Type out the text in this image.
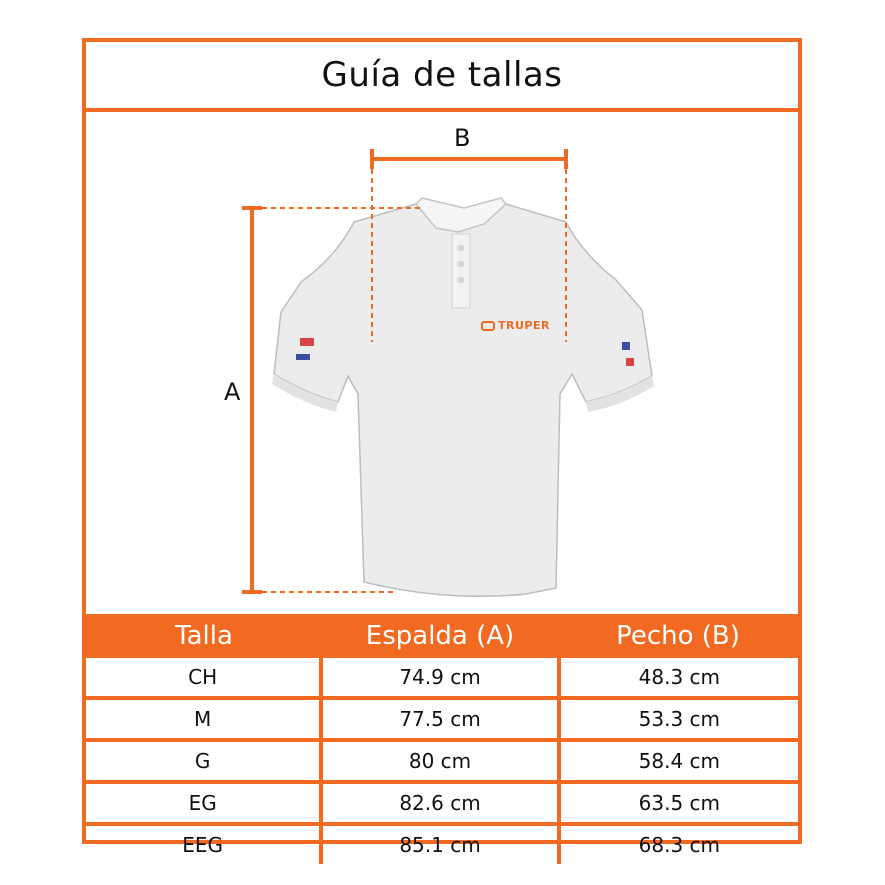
Guía de tallas
B
A
TRUPER
Talla	Espalda (A)	Pecho (B)
CH	74.9 cm	48.3 cm
M	77.5 cm	53.3 cm
G	80 cm	58.4 cm
EG	82.6 cm	63.5 cm
EEG	85.1 cm	68.3 cm
